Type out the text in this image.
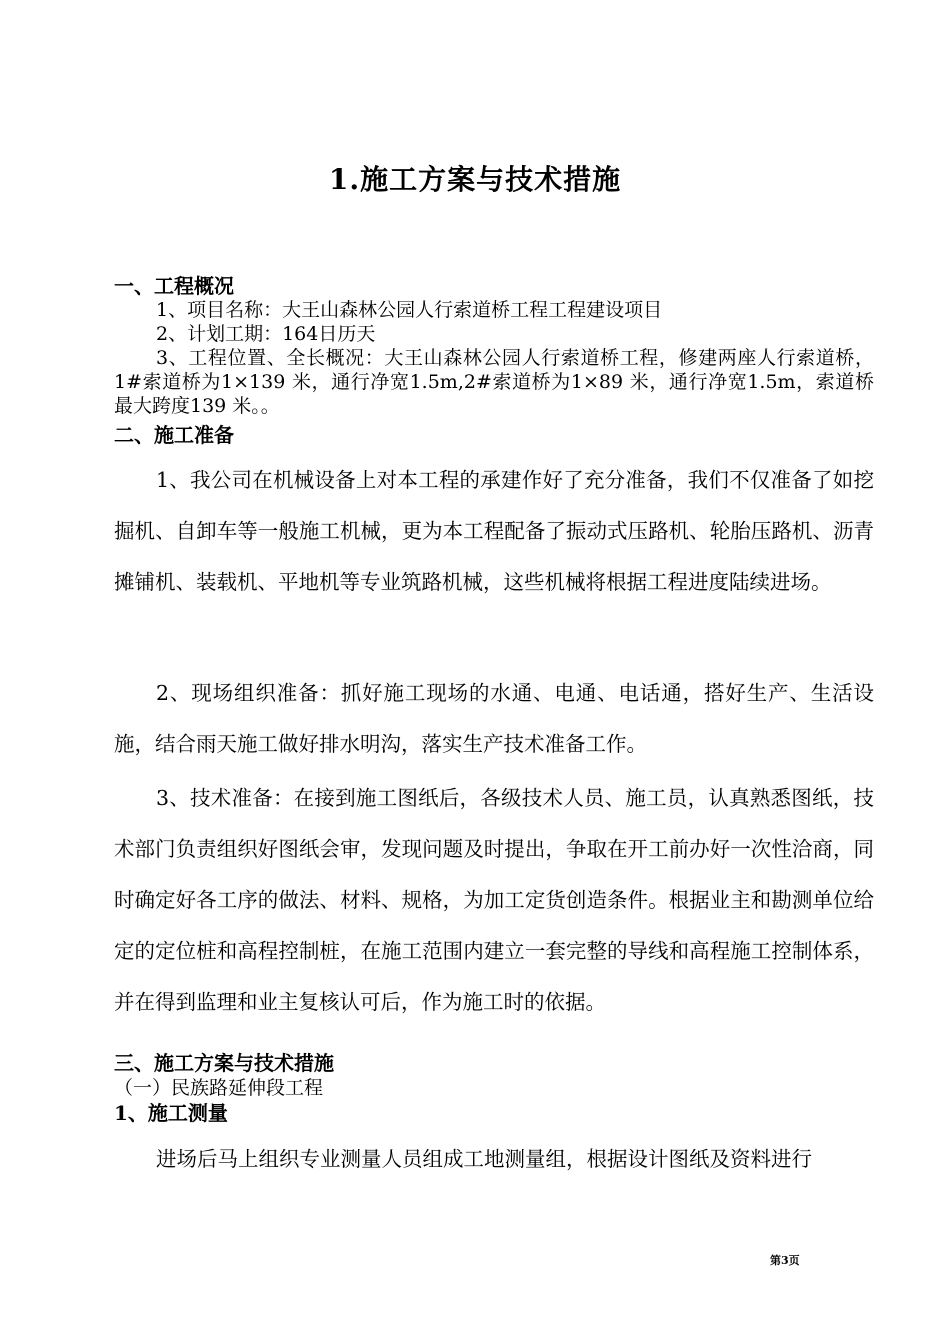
1.施工方案与技术措施
一、工程概况
1、项目名称：大王山森林公园人行索道桥工程工程建设项目
2、计划工期：164日历天
3、工程位置、全长概况：大王山森林公园人行索道桥工程，修建两座人行索道桥， 1#索道桥为1×139 米，通行净宽1.5m,2#索道桥为1×89 米，通行净宽1.5m，索道桥最大跨度139 米。。
二、施工准备
1、我公司在机械设备上对本工程的承建作好了充分准备，我们不仅准备了如挖掘机、自卸车等一般施工机械，更为本工程配备了振动式压路机、轮胎压路机、沥青摊铺机、装载机、平地机等专业筑路机械，这些机械将根据工程进度陆续进场。
2、现场组织准备：抓好施工现场的水通、电通、电话通，搭好生产、生活设施，结合雨天施工做好排水明沟，落实生产技术准备工作。
3、技术准备：在接到施工图纸后，各级技术人员、施工员，认真熟悉图纸，技术部门负责组织好图纸会审，发现问题及时提出，争取在开工前办好一次性洽商，同时确定好各工序的做法、材料、规格，为加工定货创造条件。根据业主和勘测单位给定的定位桩和高程控制桩，在施工范围内建立一套完整的导线和高程施工控制体系，并在得到监理和业主复核认可后，作为施工时的依据。
三、施工方案与技术措施
（一）民族路延伸段工程
1、施工测量
进场后马上组织专业测量人员组成工地测量组，根据设计图纸及资料进行
第3页
